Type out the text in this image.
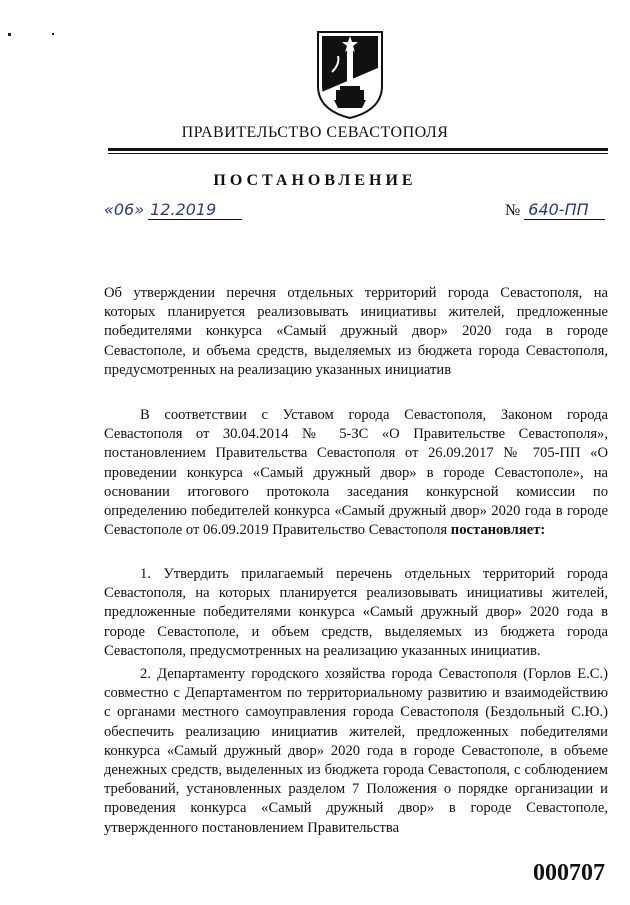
ПРАВИТЕЛЬСТВО СЕВАСТОПОЛЯ
ПОСТАНОВЛЕНИЕ
«06» 12.2019	№ 640-ПП
Об утверждении перечня отдельных территорий города Севастополя, на которых планируется реализовывать инициативы жителей, предложенные победителями конкурса «Самый дружный двор» 2020 года в городе Севастополе, и объема средств, выделяемых из бюджета города Севастополя, предусмотренных на реализацию указанных инициатив
В соответствии с Уставом города Севастополя, Законом города Севастополя от 30.04.2014 № 5-ЗС «О Правительстве Севастополя», постановлением Правительства Севастополя от 26.09.2017 № 705-ПП «О проведении конкурса «Самый дружный двор» в городе Севастополе», на основании итогового протокола заседания конкурсной комиссии по определению победителей конкурса «Самый дружный двор» 2020 года в городе Севастополе от 06.09.2019 Правительство Севастополя постановляет:
1. Утвердить прилагаемый перечень отдельных территорий города Севастополя, на которых планируется реализовывать инициативы жителей, предложенные победителями конкурса «Самый дружный двор» 2020 года в городе Севастополе, и объем средств, выделяемых из бюджета города Севастополя, предусмотренных на реализацию указанных инициатив.
2. Департаменту городского хозяйства города Севастополя (Горлов Е.С.) совместно с Департаментом по территориальному развитию и взаимодействию с органами местного самоуправления города Севастополя (Бездольный С.Ю.) обеспечить реализацию инициатив жителей, предложенных победителями конкурса «Самый дружный двор» 2020 года в городе Севастополе, в объеме денежных средств, выделенных из бюджета города Севастополя, с соблюдением требований, установленных разделом 7 Положения о порядке организации и проведения конкурса «Самый дружный двор» в городе Севастополе, утвержденного постановлением Правительства
000707
